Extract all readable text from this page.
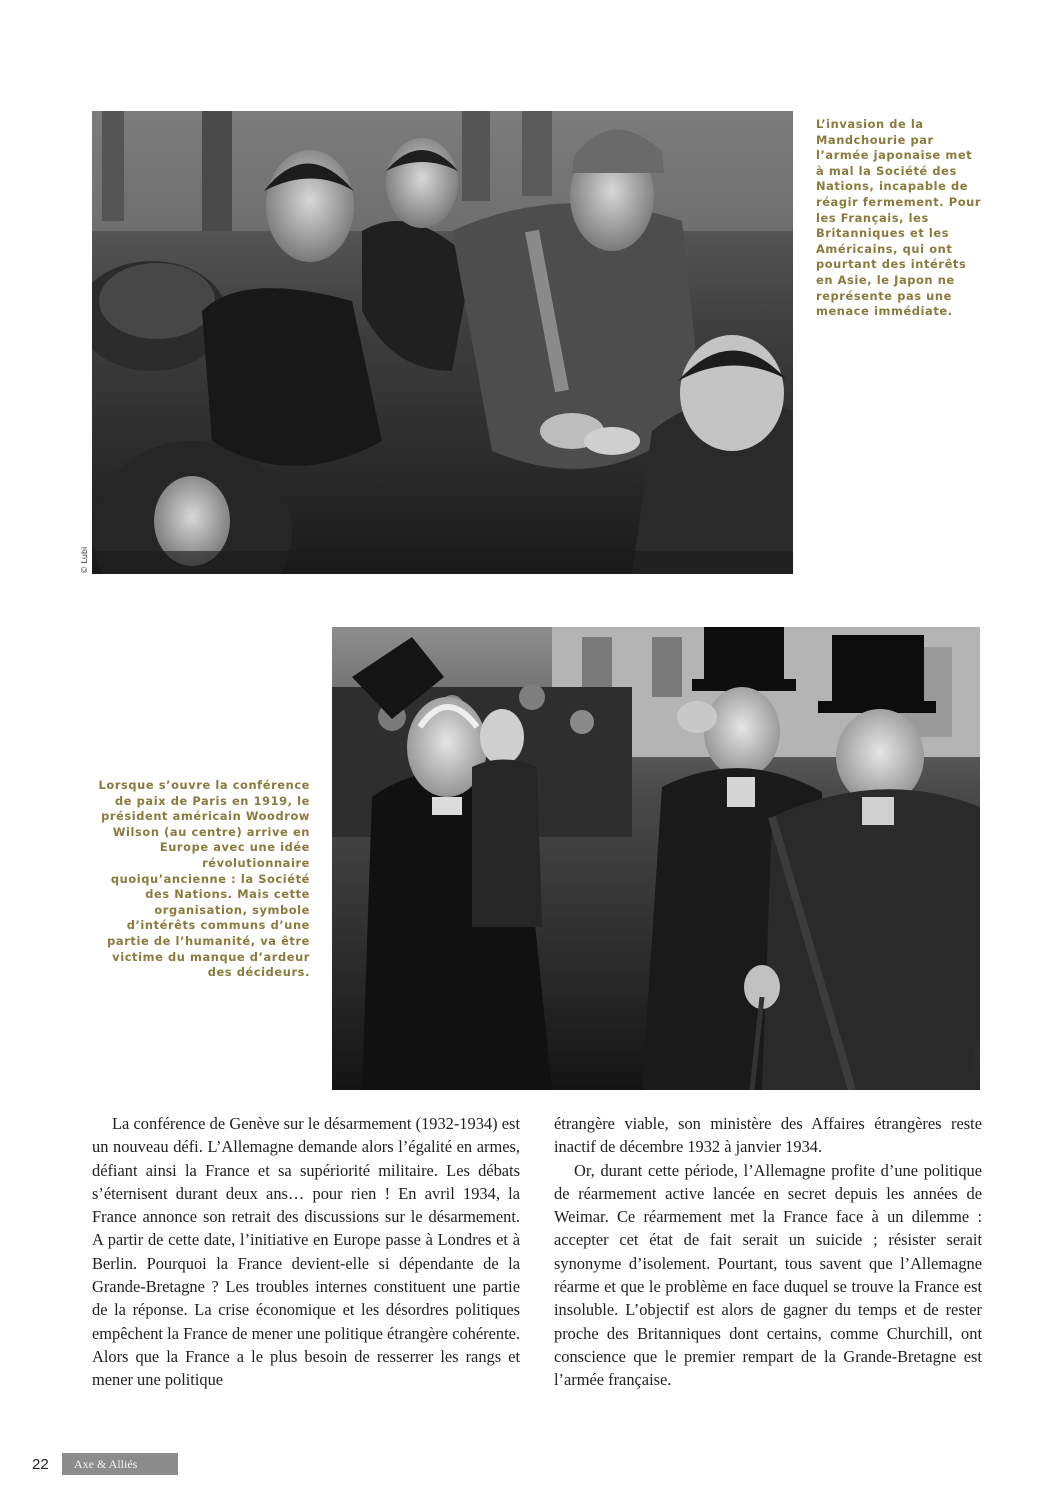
© Lubi
L’invasion de la Mandchourie par l’armée japonaise met à mal la Société des Nations, incapable de réagir fermement. Pour les Français, les Britanniques et les Américains, qui ont pourtant des intérêts en Asie, le Japon ne représente pas une menace immédiate.
© Lubi
Lorsque s’ouvre la conférence de paix de Paris en 1919, le président américain Woodrow Wilson (au centre) arrive en Europe avec une idée révolutionnaire quoiqu’ancienne : la Société des Nations. Mais cette organisation, symbole d’intérêts communs d’une partie de l’humanité, va être victime du manque d’ardeur des décideurs.

La conférence de Genève sur le désarmement (1932-1934) est un nouveau défi. L’Allemagne demande alors l’égalité en armes, défiant ainsi la France et sa supériorité militaire. Les débats s’éternisent durant deux ans… pour rien ! En avril 1934, la France annonce son retrait des discussions sur le désarmement. A partir de cette date, l’initiative en Europe passe à Londres et à Berlin. Pourquoi la France devient-elle si dépendante de la Grande-Bretagne ? Les troubles internes constituent une partie de la réponse. La crise économique et les désordres politiques empêchent la France de mener une politique étrangère cohérente. Alors que la France a le plus besoin de resserrer les rangs et mener une politique

étrangère viable, son ministère des Affaires étrangères reste inactif de décembre 1932 à janvier 1934.

Or, durant cette période, l’Allemagne profite d’une politique de réarmement active lancée en secret depuis les années de Weimar. Ce réarmement met la France face à un dilemme : accepter cet état de fait serait un suicide ; résister serait synonyme d’isolement. Pourtant, tous savent que l’Allemagne réarme et que le problème en face duquel se trouve la France est insoluble. L’objectif est alors de gagner du temps et de rester proche des Britanniques dont certains, comme Churchill, ont conscience que le premier rempart de la Grande-Bretagne est l’armée française.

22	Axe & Alliés
